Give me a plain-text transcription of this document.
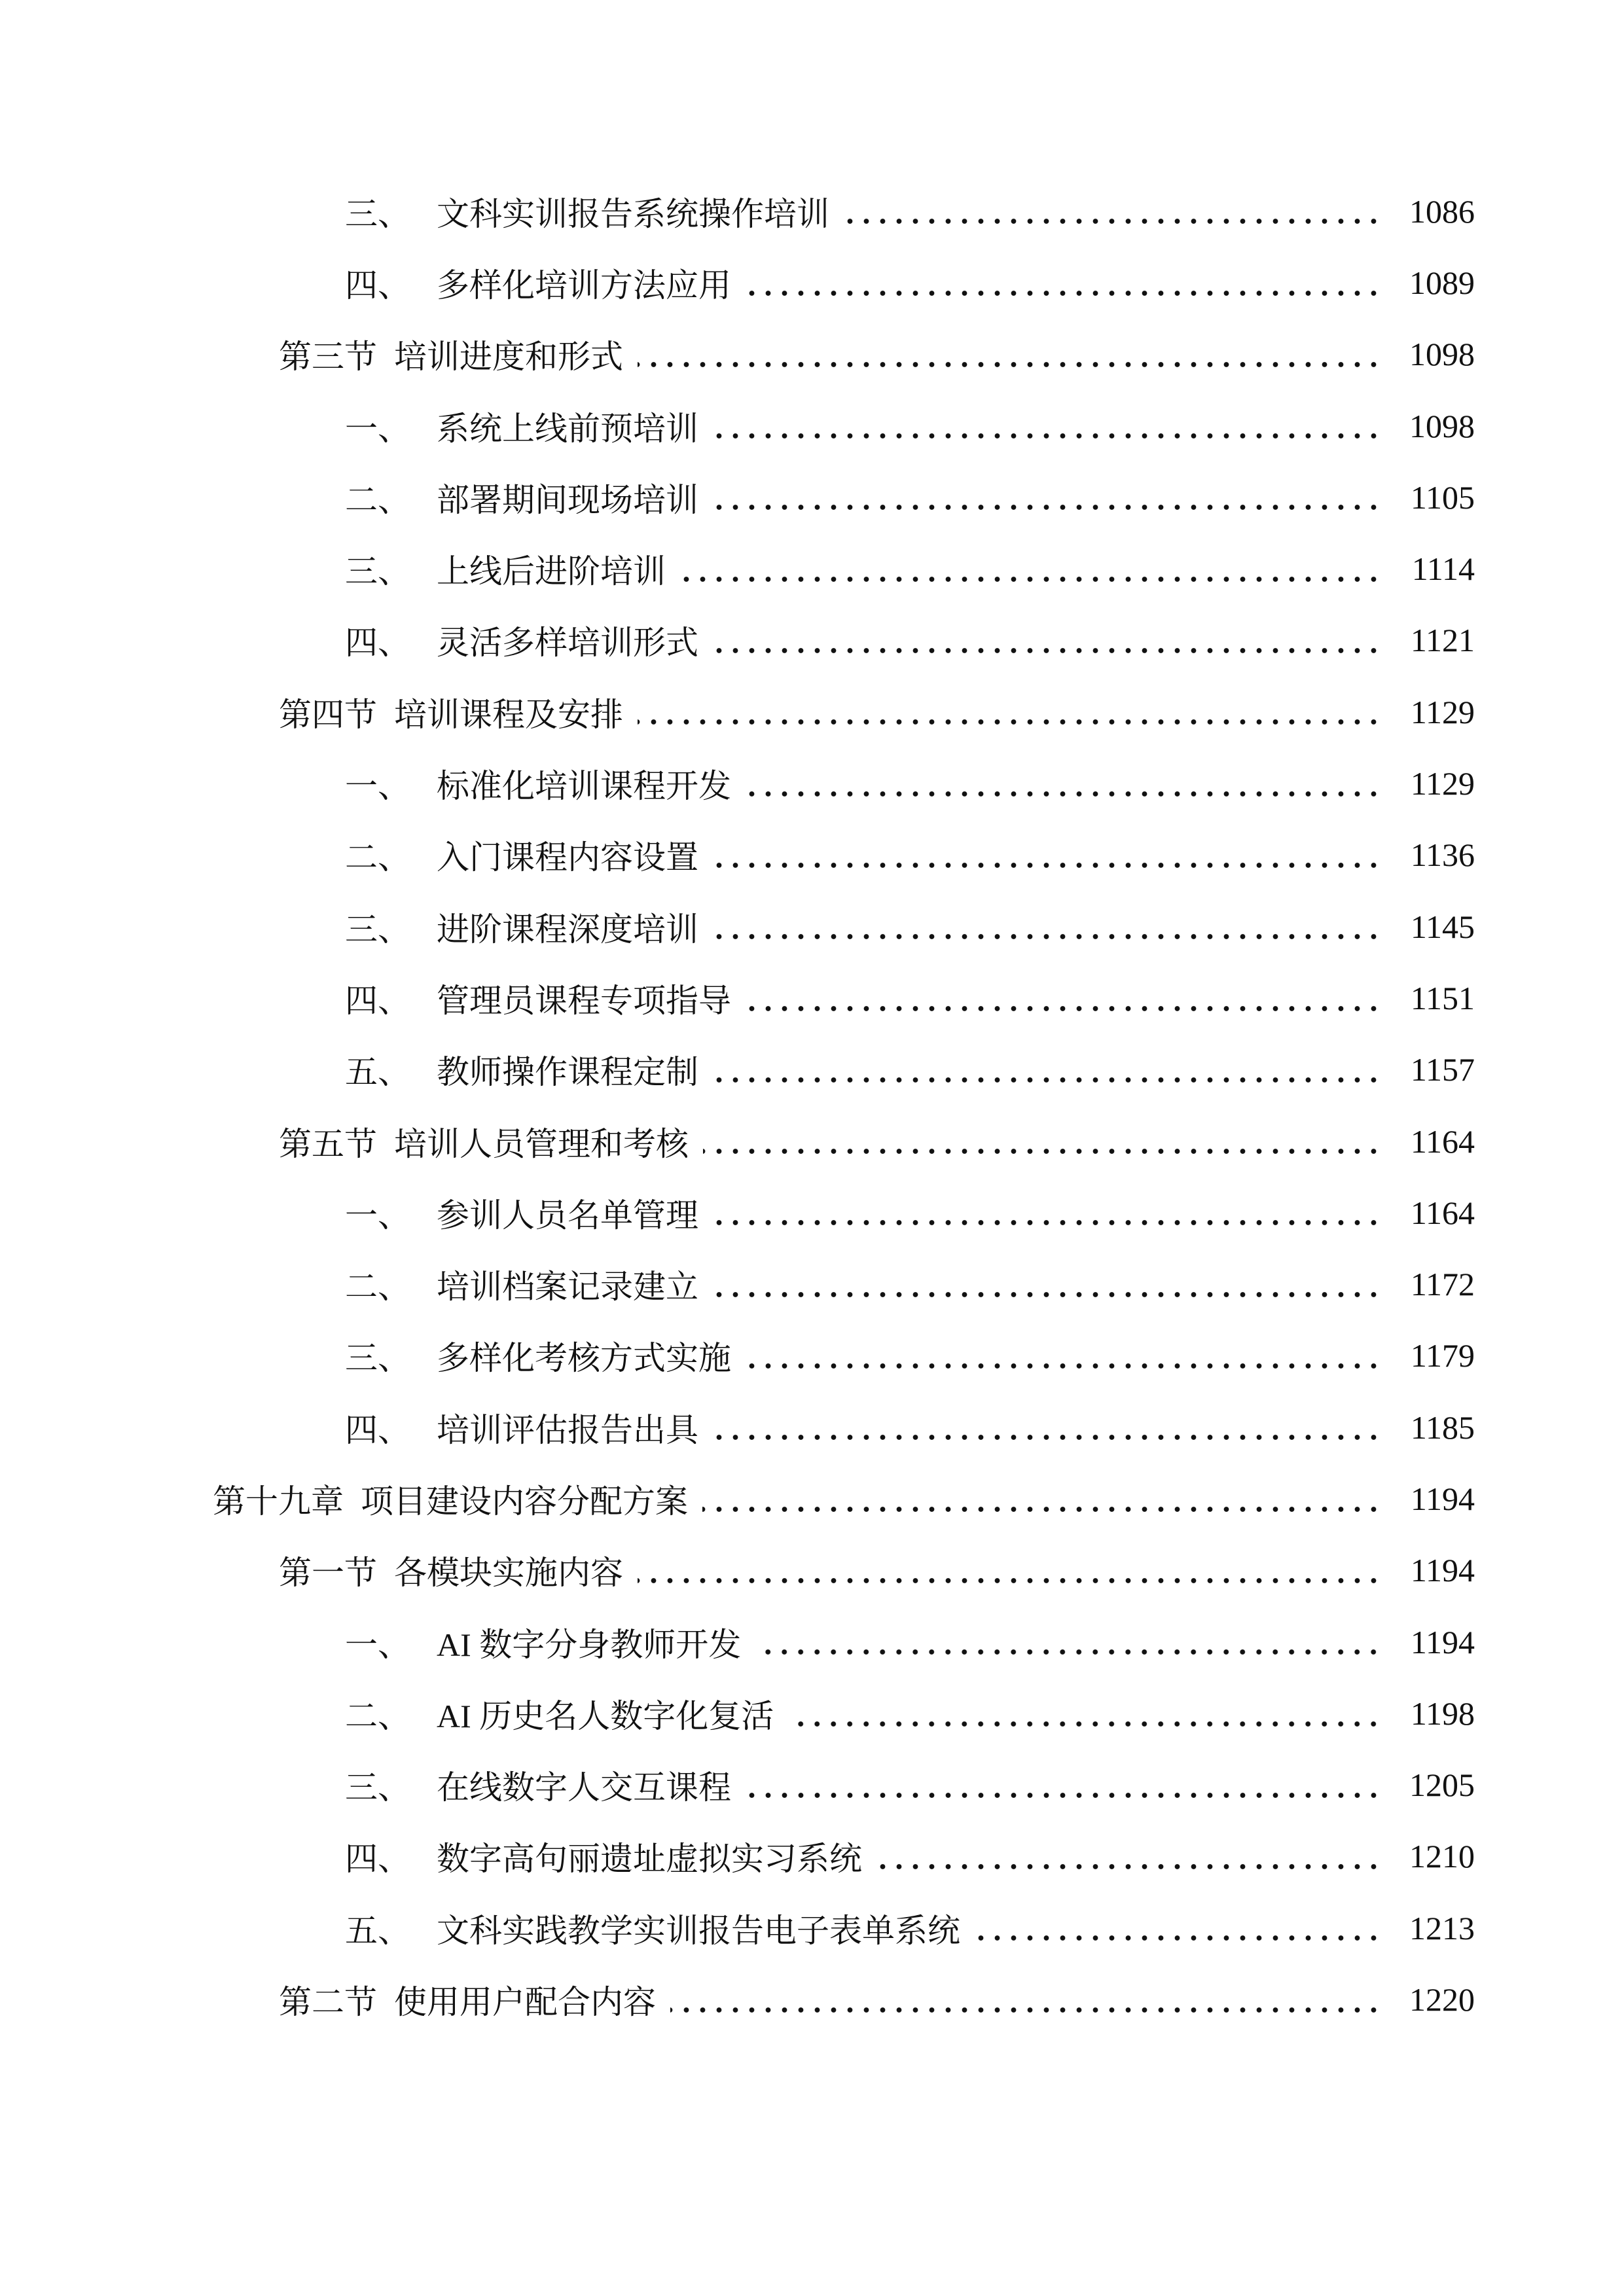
三、 文科实训报告系统操作培训	1086
四、 多样化培训方法应用	1089
第三节 培训进度和形式	1098
一、 系统上线前预培训	1098
二、 部署期间现场培训	1105
三、 上线后进阶培训	1114
四、 灵活多样培训形式	1121
第四节 培训课程及安排	1129
一、 标准化培训课程开发	1129
二、 入门课程内容设置	1136
三、 进阶课程深度培训	1145
四、 管理员课程专项指导	1151
五、 教师操作课程定制	1157
第五节 培训人员管理和考核	1164
一、 参训人员名单管理	1164
二、 培训档案记录建立	1172
三、 多样化考核方式实施	1179
四、 培训评估报告出具	1185
第十九章 项目建设内容分配方案	1194
第一节 各模块实施内容	1194
一、 AI 数字分身教师开发	1194
二、 AI 历史名人数字化复活	1198
三、 在线数字人交互课程	1205
四、 数字高句丽遗址虚拟实习系统	1210
五、 文科实践教学实训报告电子表单系统	1213
第二节 使用用户配合内容	1220
